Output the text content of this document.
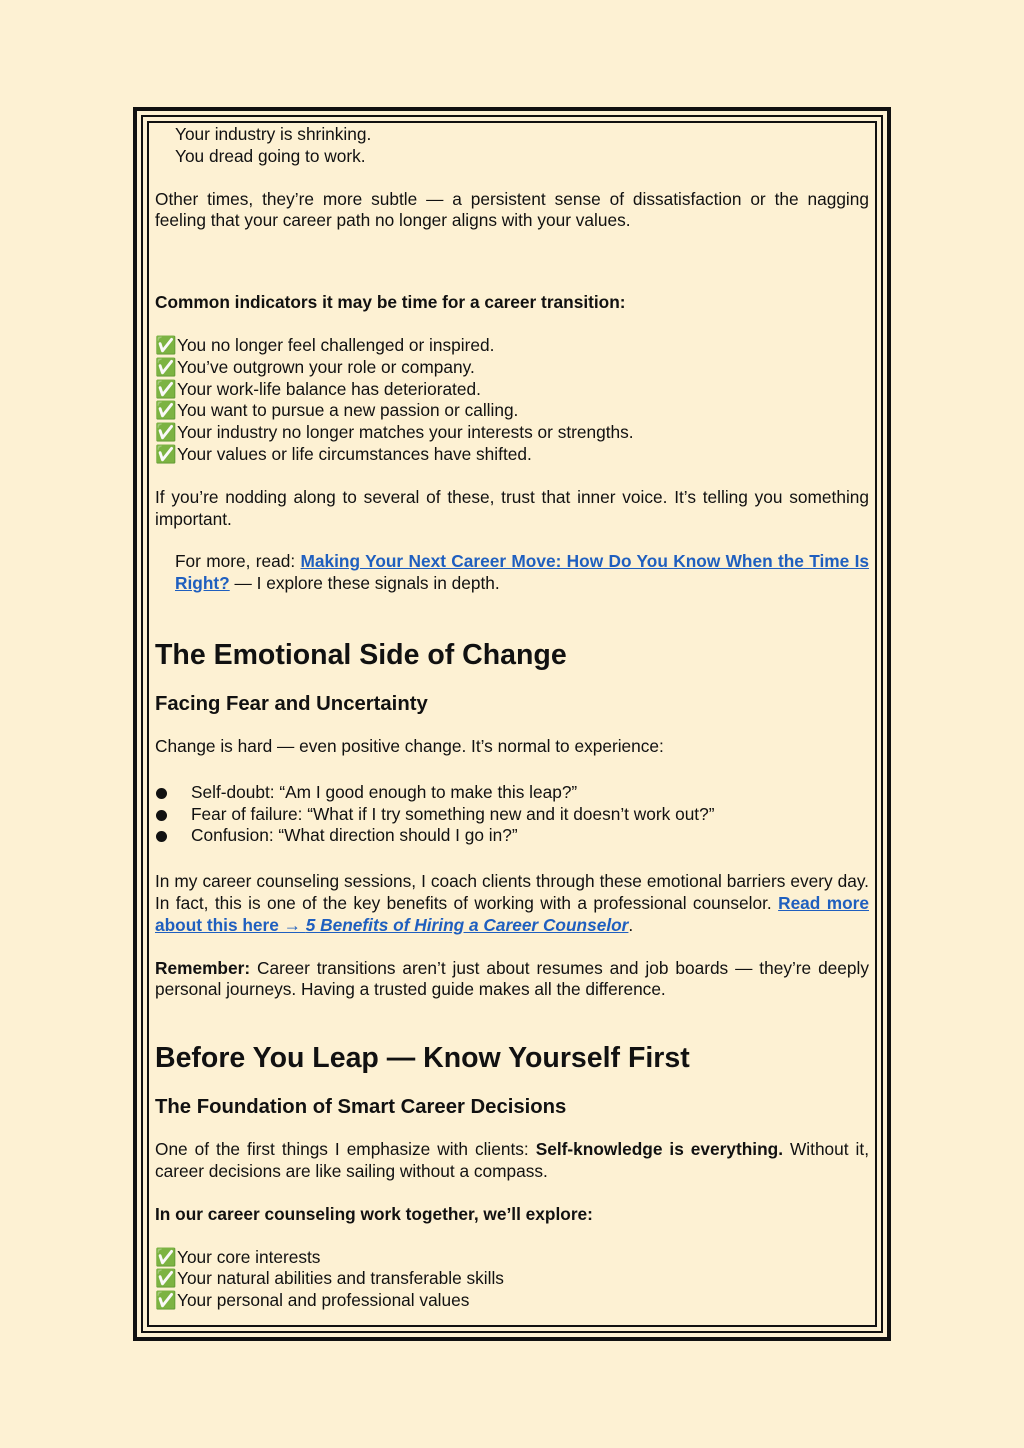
Your industry is shrinking.

You dread going to work.

Other times, they’re more subtle — a persistent sense of dissatisfaction or the nagging feeling that your career path no longer aligns with your values.

Common indicators it may be time for a career transition:

✅You no longer feel challenged or inspired.

✅You’ve outgrown your role or company.

✅Your work-life balance has deteriorated.

✅You want to pursue a new passion or calling.

✅Your industry no longer matches your interests or strengths.

✅Your values or life circumstances have shifted.

If you’re nodding along to several of these, trust that inner voice. It’s telling you something important.

For more, read: Making Your Next Career Move: How Do You Know When the Time Is Right? — I explore these signals in depth.

The Emotional Side of Change
Facing Fear and Uncertainty

Change is hard — even positive change. It’s normal to experience:

Self-doubt: “Am I good enough to make this leap?”
Fear of failure: “What if I try something new and it doesn’t work out?”
Confusion: “What direction should I go in?”

In my career counseling sessions, I coach clients through these emotional barriers every day. In fact, this is one of the key benefits of working with a professional counselor. Read more about this here → 5 Benefits of Hiring a Career Counselor.

Remember: Career transitions aren’t just about resumes and job boards — they’re deeply personal journeys. Having a trusted guide makes all the difference.

Before You Leap — Know Yourself First
The Foundation of Smart Career Decisions

One of the first things I emphasize with clients: Self-knowledge is everything. Without it, career decisions are like sailing without a compass.

In our career counseling work together, we’ll explore:

✅Your core interests

✅Your natural abilities and transferable skills

✅Your personal and professional values
